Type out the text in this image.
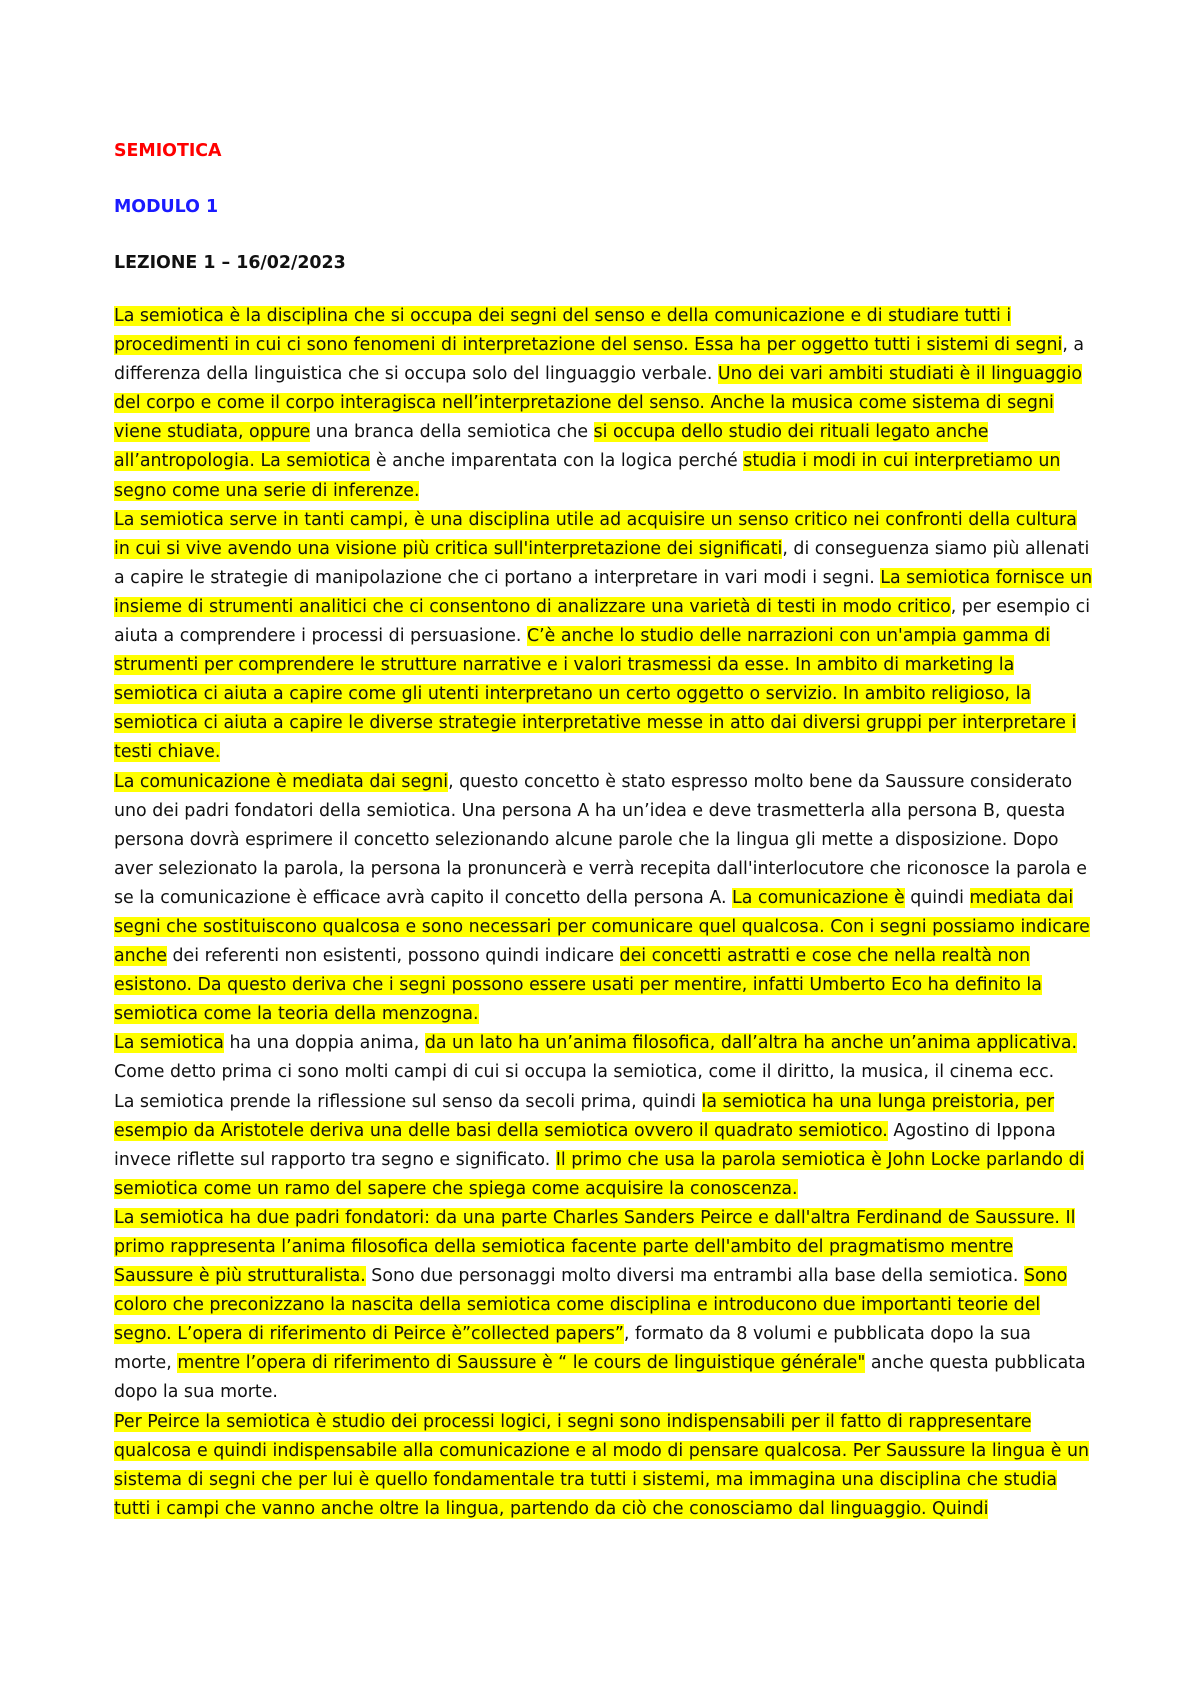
SEMIOTICA
MODULO 1
LEZIONE 1 – 16/02/2023

La semiotica è la disciplina che si occupa dei segni del senso e della comunicazione e di studiare tutti i procedimenti in cui ci sono fenomeni di interpretazione del senso. Essa ha per oggetto tutti i sistemi di segni, a differenza della linguistica che si occupa solo del linguaggio verbale. Uno dei vari ambiti studiati è il linguaggio del corpo e come il corpo interagisca nell’interpretazione del senso. Anche la musica come sistema di segni viene studiata, oppure una branca della semiotica che si occupa dello studio dei rituali legato anche all’antropologia. La semiotica è anche imparentata con la logica perché studia i modi in cui interpretiamo un segno come una serie di inferenze.

La semiotica serve in tanti campi, è una disciplina utile ad acquisire un senso critico nei confronti della cultura in cui si vive avendo una visione più critica sull'interpretazione dei significati, di conseguenza siamo più allenati a capire le strategie di manipolazione che ci portano a interpretare in vari modi i segni. La semiotica fornisce un insieme di strumenti analitici che ci consentono di analizzare una varietà di testi in modo critico, per esempio ci aiuta a comprendere i processi di persuasione. C’è anche lo studio delle narrazioni con un'ampia gamma di strumenti per comprendere le strutture narrative e i valori trasmessi da esse. In ambito di marketing la semiotica ci aiuta a capire come gli utenti interpretano un certo oggetto o servizio. In ambito religioso, la semiotica ci aiuta a capire le diverse strategie interpretative messe in atto dai diversi gruppi per interpretare i testi chiave.

La comunicazione è mediata dai segni, questo concetto è stato espresso molto bene da Saussure considerato uno dei padri fondatori della semiotica. Una persona A ha un’idea e deve trasmetterla alla persona B, questa persona dovrà esprimere il concetto selezionando alcune parole che la lingua gli mette a disposizione. Dopo aver selezionato la parola, la persona la pronuncerà e verrà recepita dall'interlocutore che riconosce la parola e se la comunicazione è efficace avrà capito il concetto della persona A. La comunicazione è quindi mediata dai segni che sostituiscono qualcosa e sono necessari per comunicare quel qualcosa. Con i segni possiamo indicare anche dei referenti non esistenti, possono quindi indicare dei concetti astratti e cose che nella realtà non esistono. Da questo deriva che i segni possono essere usati per mentire, infatti Umberto Eco ha definito la semiotica come la teoria della menzogna.

La semiotica ha una doppia anima, da un lato ha un’anima filosofica, dall’altra ha anche un’anima applicativa. Come detto prima ci sono molti campi di cui si occupa la semiotica, come il diritto, la musica, il cinema ecc.

La semiotica prende la riflessione sul senso da secoli prima, quindi la semiotica ha una lunga preistoria, per esempio da Aristotele deriva una delle basi della semiotica ovvero il quadrato semiotico. Agostino di Ippona invece riflette sul rapporto tra segno e significato. Il primo che usa la parola semiotica è John Locke parlando di semiotica come un ramo del sapere che spiega come acquisire la conoscenza.

La semiotica ha due padri fondatori: da una parte Charles Sanders Peirce e dall'altra Ferdinand de Saussure. Il primo rappresenta l’anima filosofica della semiotica facente parte dell'ambito del pragmatismo mentre Saussure è più strutturalista. Sono due personaggi molto diversi ma entrambi alla base della semiotica. Sono coloro che preconizzano la nascita della semiotica come disciplina e introducono due importanti teorie del segno. L’opera di riferimento di Peirce è”collected papers”, formato da 8 volumi e pubblicata dopo la sua morte, mentre l’opera di riferimento di Saussure è “ le cours de linguistique générale" anche questa pubblicata dopo la sua morte.

Per Peirce la semiotica è studio dei processi logici, i segni sono indispensabili per il fatto di rappresentare qualcosa e quindi indispensabile alla comunicazione e al modo di pensare qualcosa. Per Saussure la lingua è un sistema di segni che per lui è quello fondamentale tra tutti i sistemi, ma immagina una disciplina che studia tutti i campi che vanno anche oltre la lingua, partendo da ciò che conosciamo dal linguaggio. Quindi
